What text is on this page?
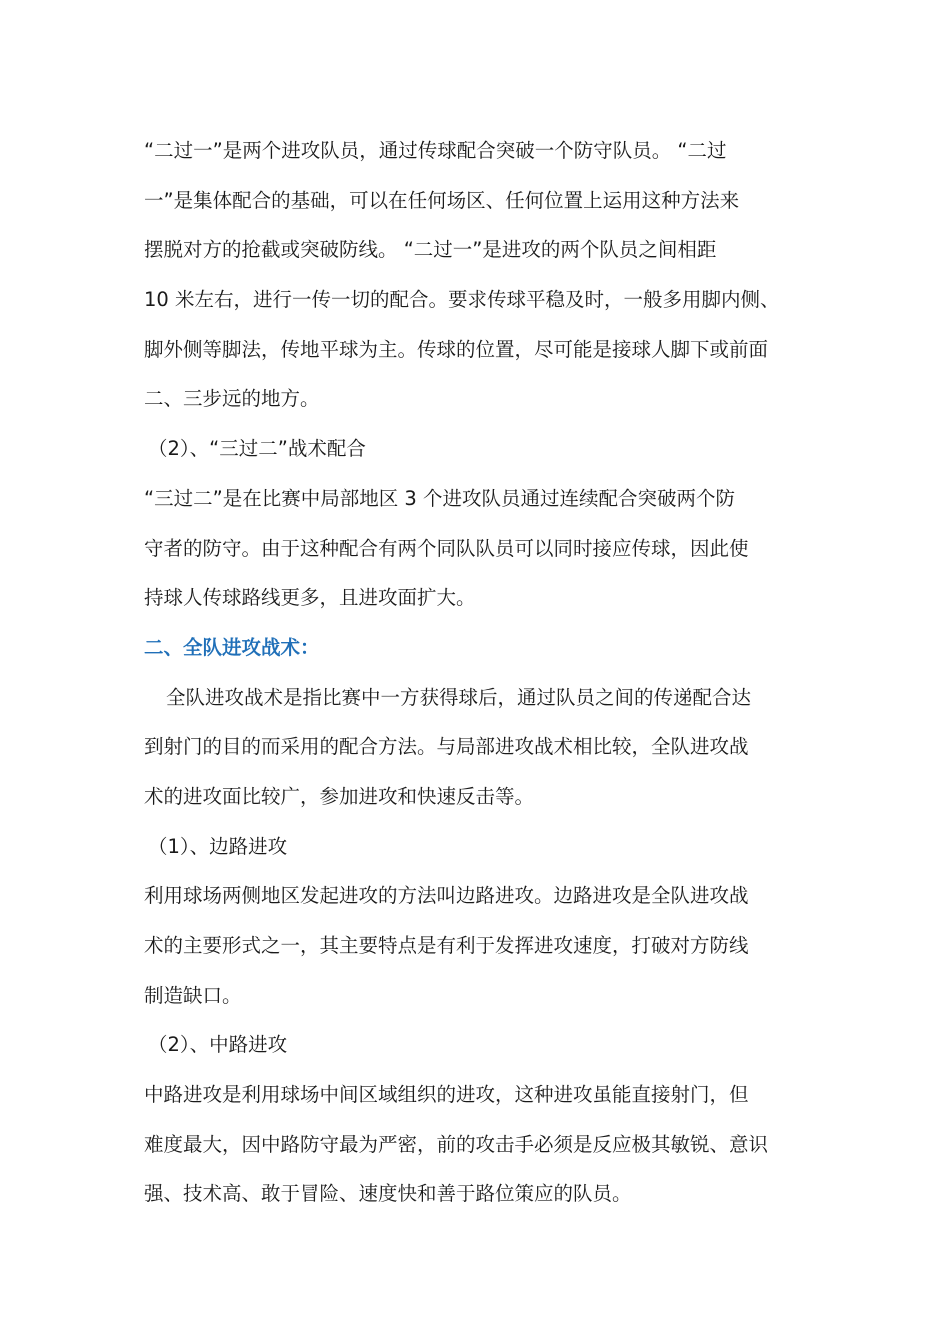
“二过一”是两个进攻队员，通过传球配合突破一个防守队员。 “二过
一”是集体配合的基础，可以在任何场区、任何位置上运用这种方法来
摆脱对方的抢截或突破防线。 “二过一”是进攻的两个队员之间相距
10 米左右，进行一传一切的配合。要求传球平稳及时，一般多用脚内侧、
脚外侧等脚法，传地平球为主。传球的位置，尽可能是接球人脚下或前面
二、三步远的地方。
（2）、“三过二”战术配合
“三过二”是在比赛中局部地区 3 个进攻队员通过连续配合突破两个防
守者的防守。由于这种配合有两个同队队员可以同时接应传球，因此使
持球人传球路线更多，且进攻面扩大。
二、全队进攻战术：
全队进攻战术是指比赛中一方获得球后，通过队员之间的传递配合达
到射门的目的而采用的配合方法。与局部进攻战术相比较，全队进攻战
术的进攻面比较广，参加进攻和快速反击等。
（1）、边路进攻
利用球场两侧地区发起进攻的方法叫边路进攻。边路进攻是全队进攻战
术的主要形式之一，其主要特点是有利于发挥进攻速度，打破对方防线
制造缺口。
（2）、中路进攻
中路进攻是利用球场中间区域组织的进攻，这种进攻虽能直接射门，但
难度最大，因中路防守最为严密，前的攻击手必须是反应极其敏锐、意识
强、技术高、敢于冒险、速度快和善于路位策应的队员。
